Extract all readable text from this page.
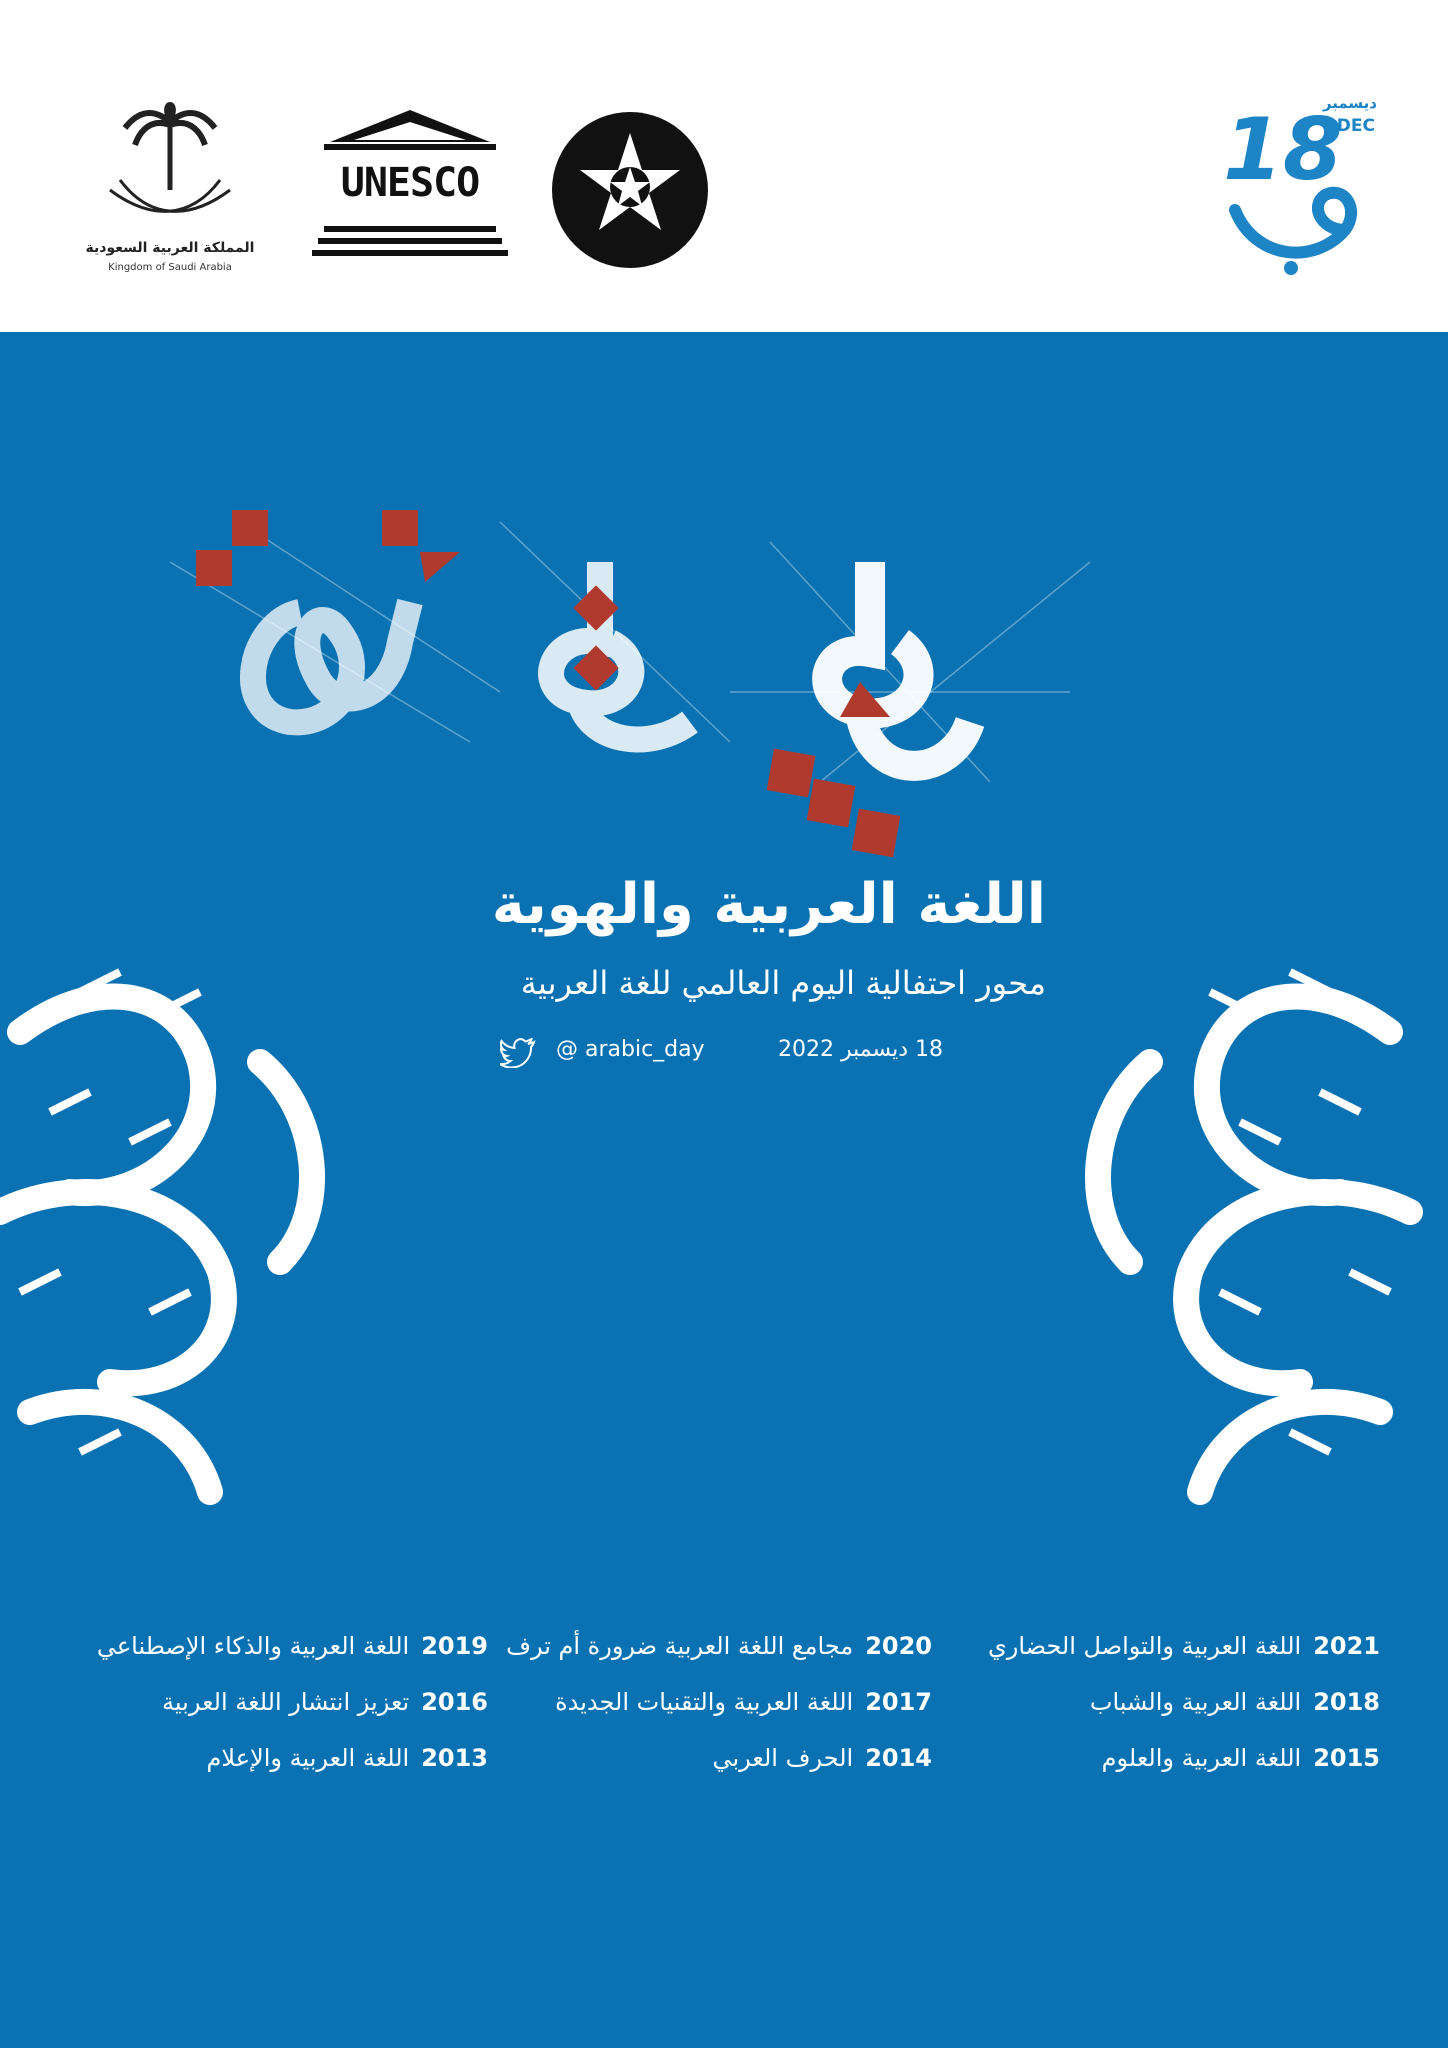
المملكة العربية السعودية
Kingdom of Saudi Arabia
UNESCO	18
ديسمبر
DEC
اللغة العربية والهوية
محور احتفالية اليوم العالمي للغة العربية
@ arabic_day	18 ديسمبر 2022
2021اللغة العربية والتواصل الحضاري
2020مجامع اللغة العربية ضرورة أم ترف
2019اللغة العربية والذكاء الإصطناعي
2018اللغة العربية والشباب
2017اللغة العربية والتقنيات الجديدة
2016تعزيز انتشار اللغة العربية
2015اللغة العربية والعلوم
2014الحرف العربي
2013اللغة العربية والإعلام
